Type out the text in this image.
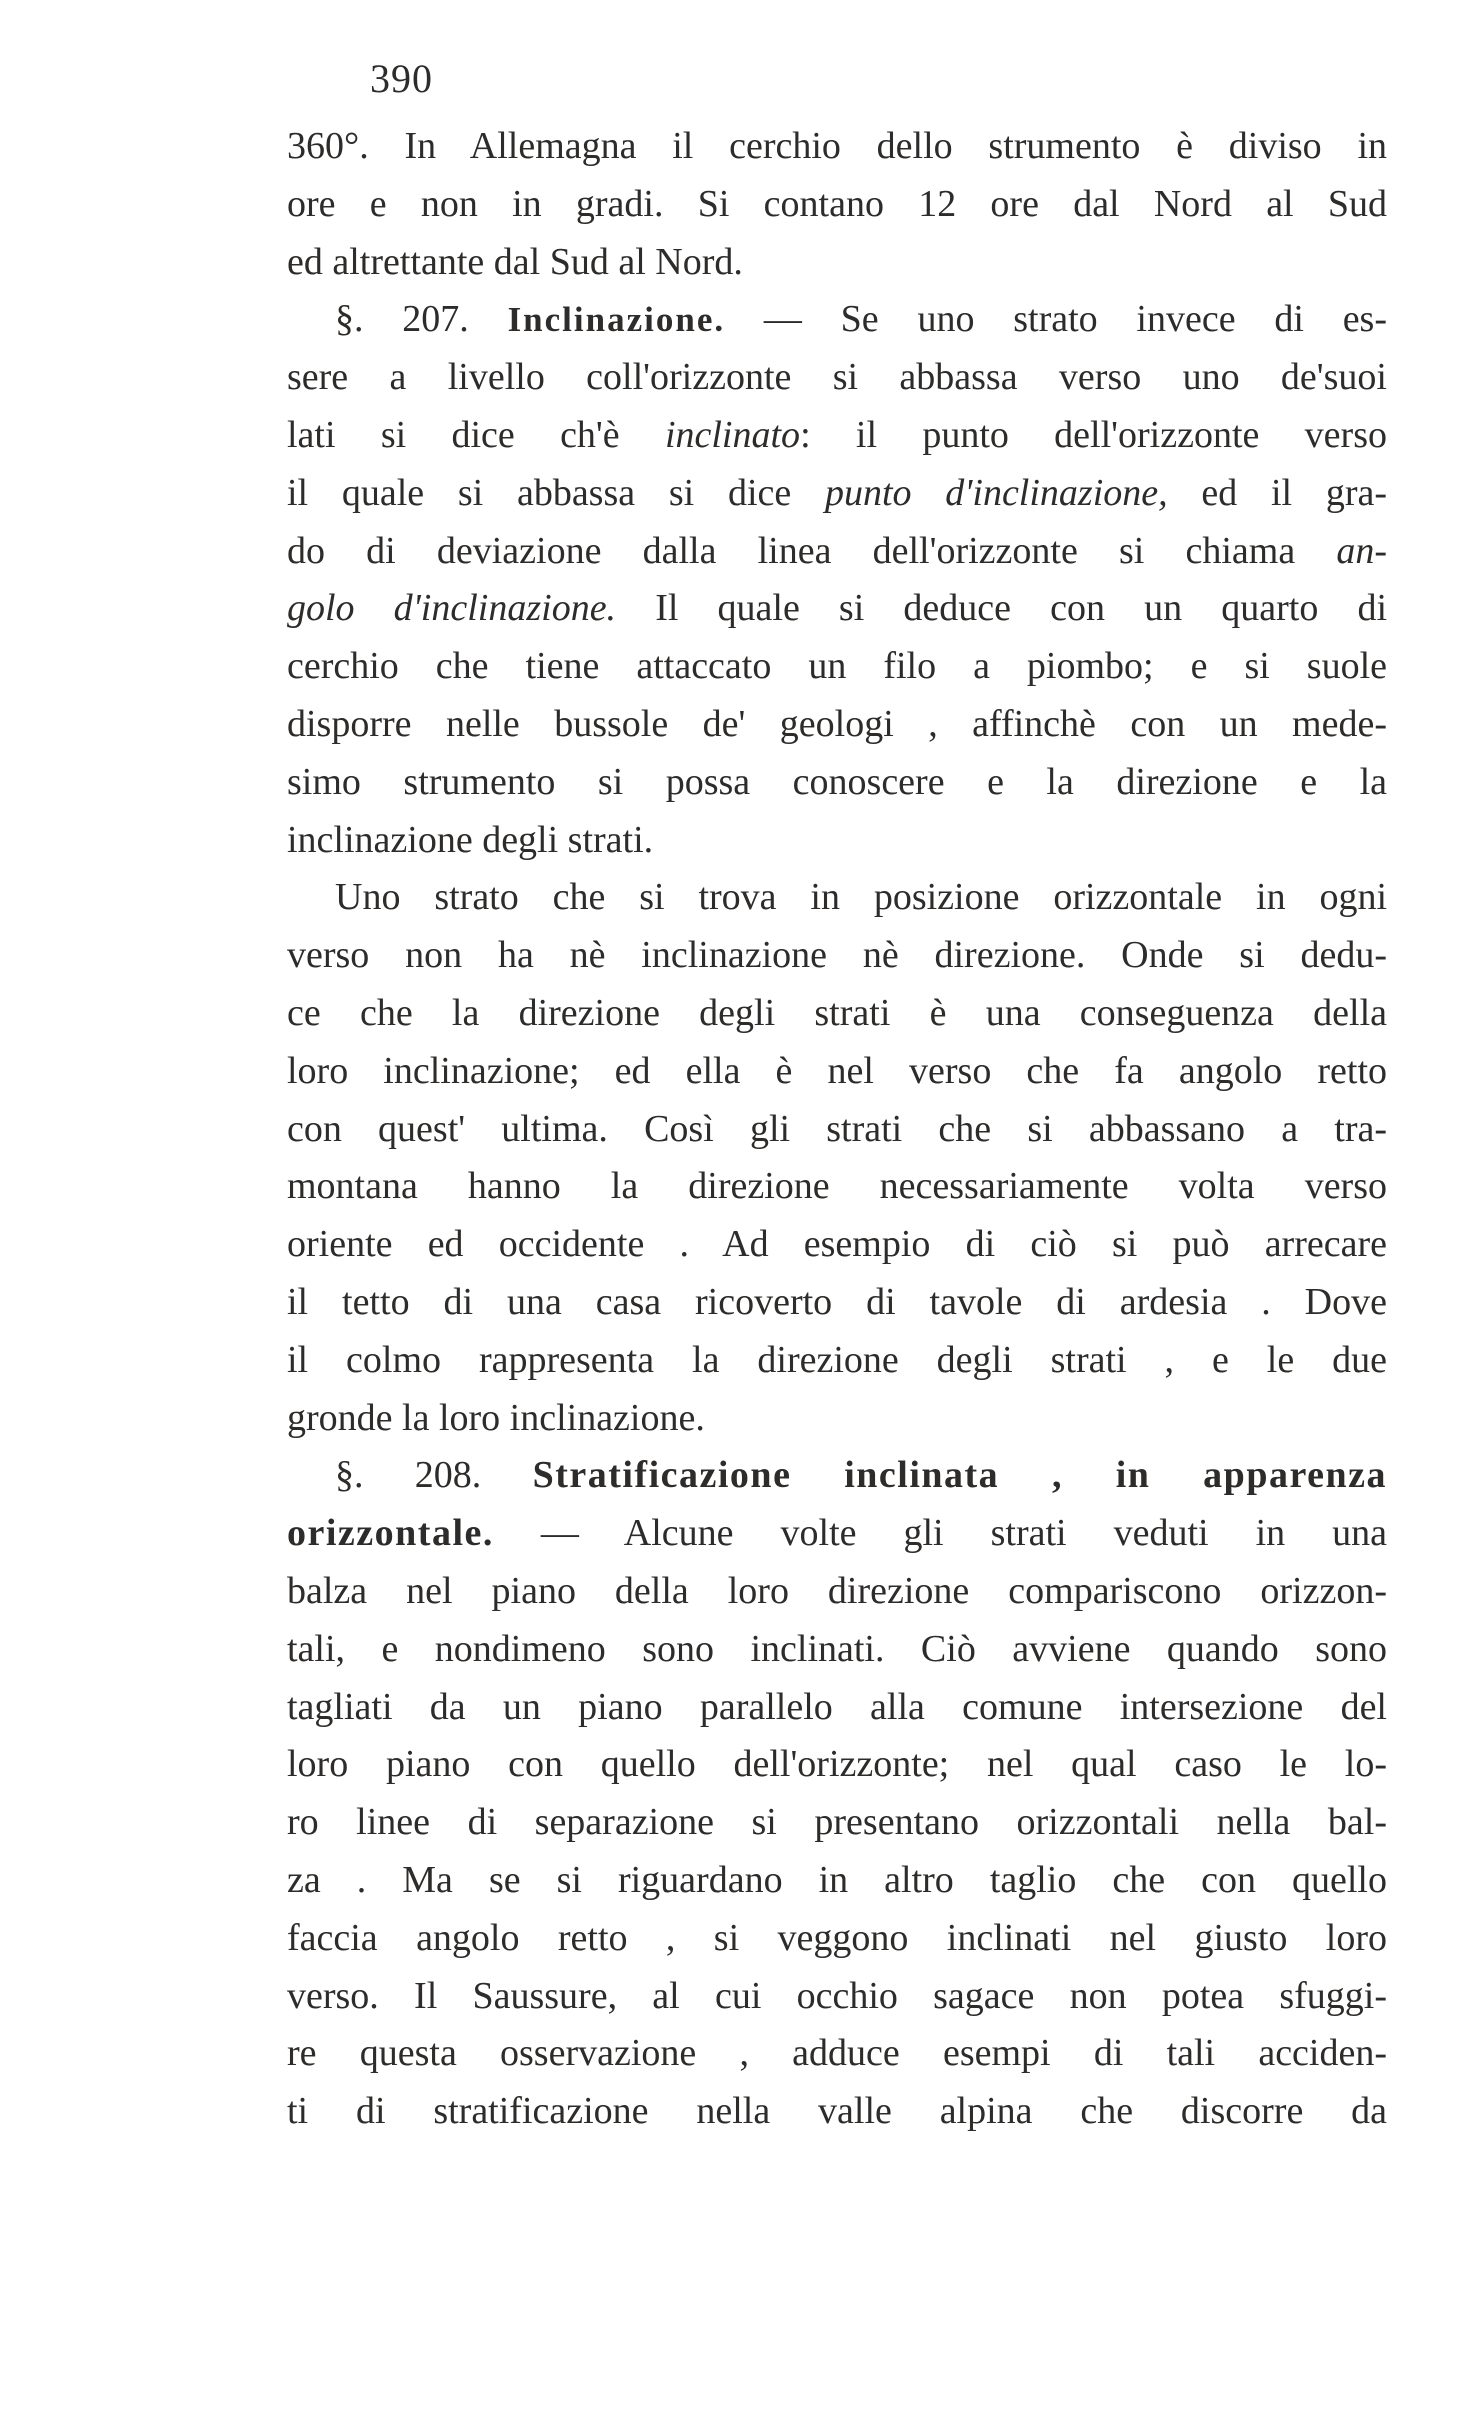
390
360°. In Allemagna il cerchio dello strumento è diviso in
ore e non in gradi. Si contano 12 ore dal Nord al Sud
ed altrettante dal Sud al Nord.
§. 207. Inclinazione. — Se uno strato invece di es-
sere a livello coll'orizzonte si abbassa verso uno de'suoi
lati si dice ch'è inclinato: il punto dell'orizzonte verso
il quale si abbassa si dice punto d'inclinazione, ed il gra-
do di deviazione dalla linea dell'orizzonte si chiama an-
golo d'inclinazione. Il quale si deduce con un quarto di
cerchio che tiene attaccato un filo a piombo; e si suole
disporre nelle bussole de' geologi , affinchè con un mede-
simo strumento si possa conoscere e la direzione e la
inclinazione degli strati.
Uno strato che si trova in posizione orizzontale in ogni
verso non ha nè inclinazione nè direzione. Onde si dedu-
ce che la direzione degli strati è una conseguenza della
loro inclinazione; ed ella è nel verso che fa angolo retto
con quest' ultima. Così gli strati che si abbassano a tra-
montana hanno la direzione necessariamente volta verso
oriente ed occidente . Ad esempio di ciò si può arrecare
il tetto di una casa ricoverto di tavole di ardesia . Dove
il colmo rappresenta la direzione degli strati , e le due
gronde la loro inclinazione.
§. 208. Stratificazione inclinata , in apparenza
orizzontale. — Alcune volte gli strati veduti in una
balza nel piano della loro direzione compariscono orizzon-
tali, e nondimeno sono inclinati. Ciò avviene quando sono
tagliati da un piano parallelo alla comune intersezione del
loro piano con quello dell'orizzonte; nel qual caso le lo-
ro linee di separazione si presentano orizzontali nella bal-
za . Ma se si riguardano in altro taglio che con quello
faccia angolo retto , si veggono inclinati nel giusto loro
verso. Il Saussure, al cui occhio sagace non potea sfuggi-
re questa osservazione , adduce esempi di tali acciden-
ti di stratificazione nella valle alpina che discorre da
